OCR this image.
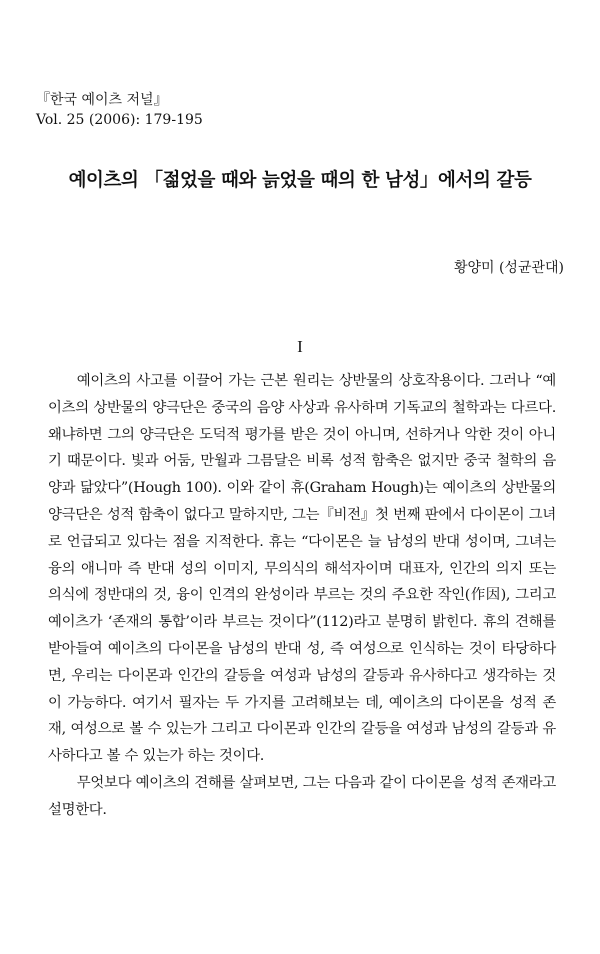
『한국 예이츠 저널』
Vol. 25 (2006): 179-195
예이츠의 「젊었을 때와 늙었을 때의 한 남성」에서의 갈등
황양미 (성균관대)
I

예이츠의 사고를 이끌어 가는 근본 원리는 상반물의 상호작용이다. 그러나 “예이츠의 상반물의 양극단은 중국의 음양 사상과 유사하며 기독교의 철학과는 다르다. 왜냐하면 그의 양극단은 도덕적 평가를 받은 것이 아니며, 선하거나 악한 것이 아니기 때문이다. 빛과 어둠, 만월과 그믐달은 비록 성적 함축은 없지만 중국 철학의 음양과 닮았다”(Hough 100). 이와 같이 휴(Graham Hough)는 예이츠의 상반물의 양극단은 성적 함축이 없다고 말하지만, 그는『비전』첫 번째 판에서 다이몬이 그녀로 언급되고 있다는 점을 지적한다. 휴는 “다이몬은 늘 남성의 반대 성이며, 그녀는 융의 애니마 즉 반대 성의 이미지, 무의식의 해석자이며 대표자, 인간의 의지 또는 의식에 정반대의 것, 융이 인격의 완성이라 부르는 것의 주요한 작인(作因), 그리고 예이츠가 ‘존재의 통합’이라 부르는 것이다”(112)라고 분명히 밝힌다. 휴의 견해를 받아들여 예이츠의 다이몬을 남성의 반대 성, 즉 여성으로 인식하는 것이 타당하다면, 우리는 다이몬과 인간의 갈등을 여성과 남성의 갈등과 유사하다고 생각하는 것이 가능하다. 여기서 필자는 두 가지를 고려해보는 데, 예이츠의 다이몬을 성적 존재, 여성으로 볼 수 있는가 그리고 다이몬과 인간의 갈등을 여성과 남성의 갈등과 유사하다고 볼 수 있는가 하는 것이다.

무엇보다 예이츠의 견해를 살펴보면, 그는 다음과 같이 다이몬을 성적 존재라고 설명한다.
